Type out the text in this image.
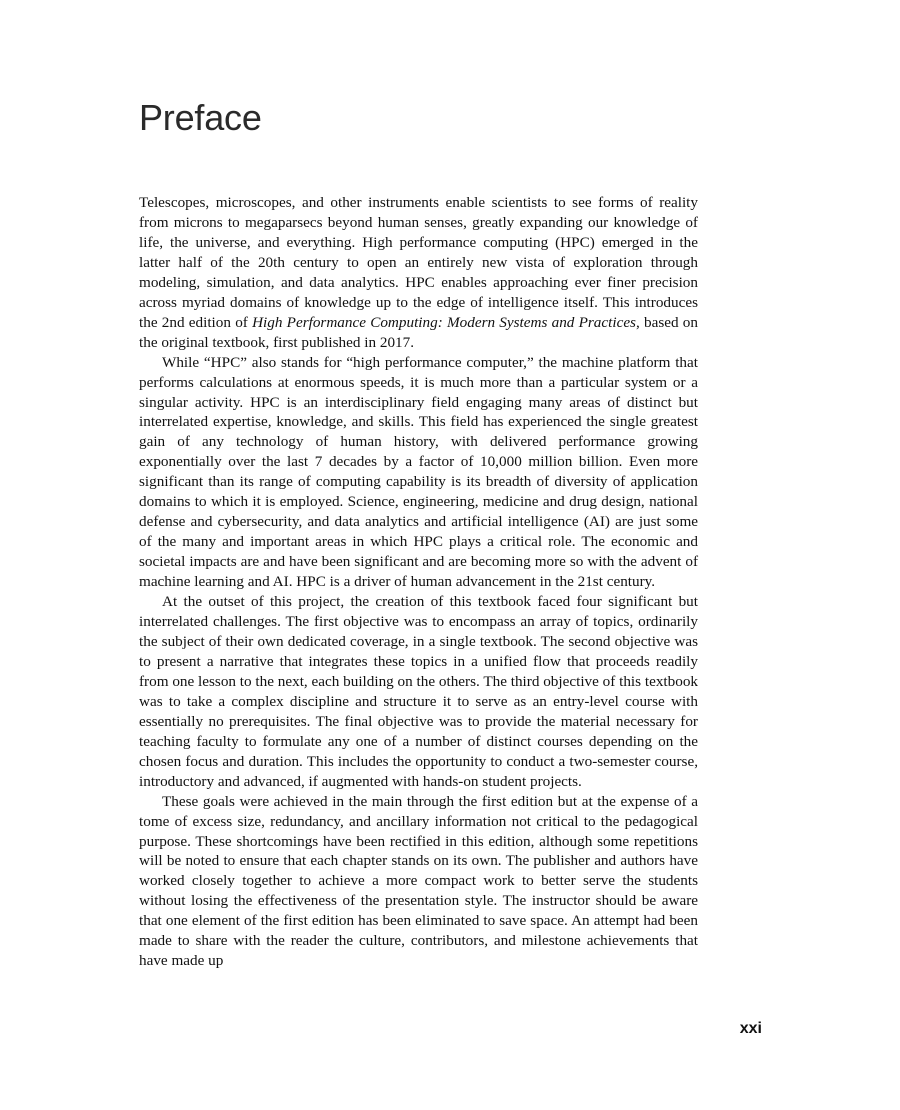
Preface

Telescopes, microscopes, and other instruments enable scientists to see forms of reality from microns to megaparsecs beyond human senses, greatly expanding our knowledge of life, the universe, and everything. High performance computing (HPC) emerged in the latter half of the 20th century to open an entirely new vista of exploration through modeling, simulation, and data analytics. HPC enables approaching ever finer precision across myriad domains of knowledge up to the edge of intelligence itself. This introduces the 2nd edition of High Performance Computing: Modern Systems and Practices, based on the original textbook, first published in 2017.

While “HPC” also stands for “high performance computer,” the machine platform that performs calculations at enormous speeds, it is much more than a particular system or a singular activity. HPC is an interdisciplinary field engaging many areas of distinct but interrelated expertise, knowledge, and skills. This field has experienced the single greatest gain of any technology of human history, with delivered performance growing exponentially over the last 7 decades by a factor of 10,000 million billion. Even more significant than its range of computing capability is its breadth of diversity of application domains to which it is employed. Science, engineering, medicine and drug design, national defense and cybersecurity, and data analytics and artificial intelligence (AI) are just some of the many and important areas in which HPC plays a critical role. The economic and societal impacts are and have been significant and are becoming more so with the advent of machine learning and AI. HPC is a driver of human advancement in the 21st century.

At the outset of this project, the creation of this textbook faced four significant but interrelated challenges. The first objective was to encompass an array of topics, ordinarily the subject of their own dedicated coverage, in a single textbook. The second objective was to present a narrative that integrates these topics in a unified flow that proceeds readily from one lesson to the next, each building on the others. The third objective of this textbook was to take a complex discipline and structure it to serve as an entry-level course with essentially no prerequisites. The final objective was to provide the material necessary for teaching faculty to formulate any one of a number of distinct courses depending on the chosen focus and duration. This includes the opportunity to conduct a two-semester course, introductory and advanced, if augmented with hands-on student projects.

These goals were achieved in the main through the first edition but at the expense of a tome of excess size, redundancy, and ancillary information not critical to the pedagogical purpose. These shortcomings have been rectified in this edition, although some repetitions will be noted to ensure that each chapter stands on its own. The publisher and authors have worked closely together to achieve a more compact work to better serve the students without losing the effectiveness of the presentation style. The instructor should be aware that one element of the first edition has been eliminated to save space. An attempt had been made to share with the reader the culture, contributors, and milestone achievements that have made up

xxi
